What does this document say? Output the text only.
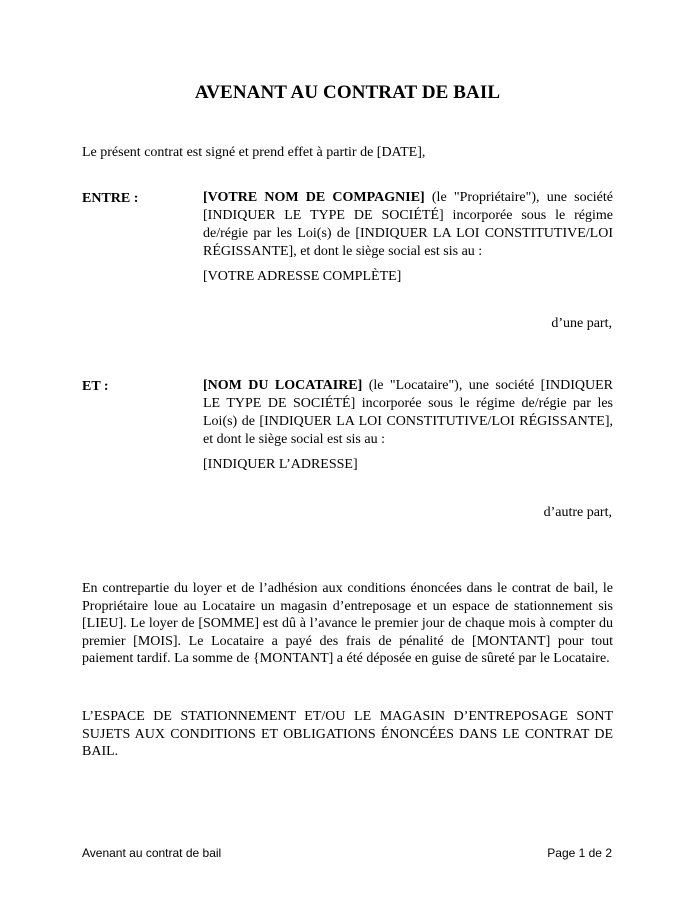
AVENANT AU CONTRAT DE BAIL
Le présent contrat est signé et prend effet à partir de [DATE],
ENTRE :	[VOTRE NOM DE COMPAGNIE] (le "Propriétaire"), une société [INDIQUER LE TYPE DE SOCIÉTÉ] incorporée sous le régime de/régie par les Loi(s) de [INDIQUER LA LOI CONSTITUTIVE/LOI RÉGISSANTE], et dont le siège social est sis au :
[VOTRE ADRESSE COMPLÈTE]
d’une part,
ET :	[NOM DU LOCATAIRE] (le "Locataire"), une société [INDIQUER LE TYPE DE SOCIÉTÉ] incorporée sous le régime de/régie par les Loi(s) de [INDIQUER LA LOI CONSTITUTIVE/LOI RÉGISSANTE], et dont le siège social est sis au :
[INDIQUER L’ADRESSE]
d’autre part,
En contrepartie du loyer et de l’adhésion aux conditions énoncées dans le contrat de bail, le Propriétaire loue au Locataire un magasin d’entreposage et un espace de stationnement sis [LIEU]. Le loyer de [SOMME] est dû à l’avance le premier jour de chaque mois à compter du premier [MOIS]. Le Locataire a payé des frais de pénalité de [MONTANT] pour tout paiement tardif. La somme de {MONTANT] a été déposée en guise de sûreté par le Locataire.
L’ESPACE DE STATIONNEMENT ET/OU LE MAGASIN D’ENTREPOSAGE SONT SUJETS AUX CONDITIONS ET OBLIGATIONS ÉNONCÉES DANS LE CONTRAT DE BAIL.
Avenant au contrat de bail	Page 1 de 2
